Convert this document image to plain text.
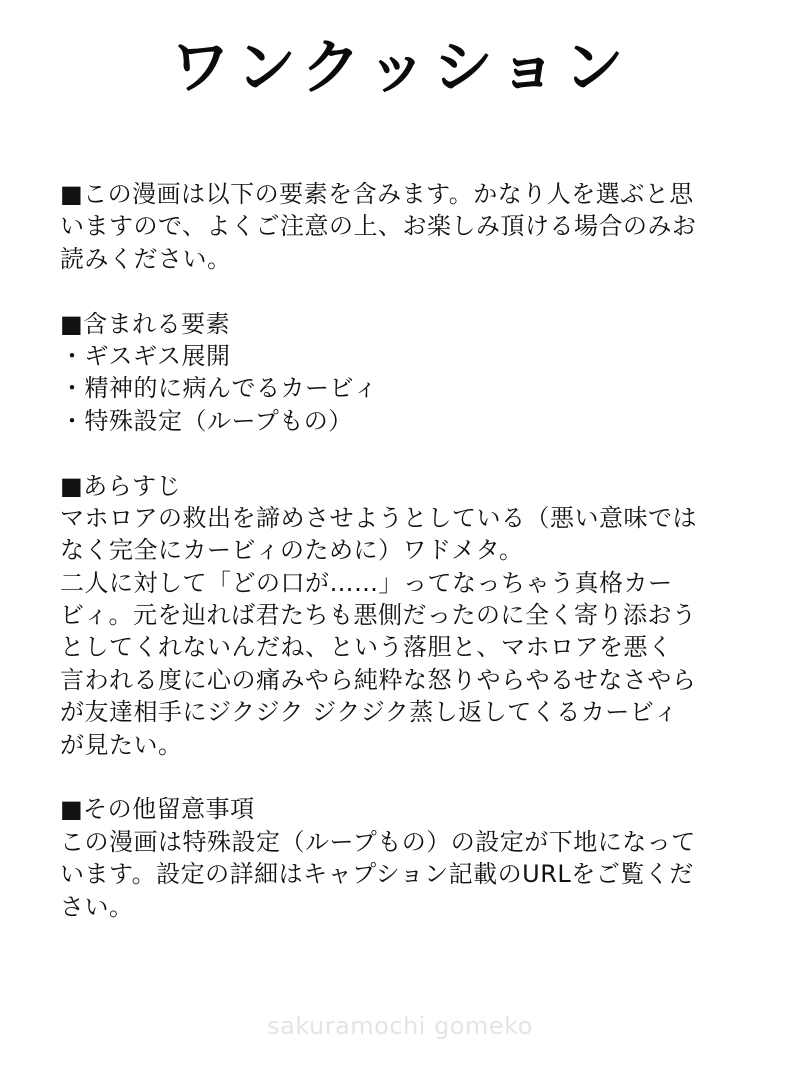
ワンクッション
■この漫画は以下の要素を含みます。かなり人を選ぶと思
いますので、よくご注意の上、お楽しみ頂ける場合のみお
読みください。
■含まれる要素
・ギスギス展開
・精神的に病んでるカービィ
・特殊設定（ループもの）
■あらすじ
マホロアの救出を諦めさせようとしている（悪い意味では
なく完全にカービィのために）ワドメタ。
二人に対して「どの口が……」ってなっちゃう真格カー
ビィ。元を辿れば君たちも悪側だったのに全く寄り添おう
としてくれないんだね、という落胆と、マホロアを悪く
言われる度に心の痛みやら純粋な怒りやらやるせなさやら
が友達相手にジクジク ジクジク蒸し返してくるカービィ
が見たい。
■その他留意事項
この漫画は特殊設定（ループもの）の設定が下地になって
います。設定の詳細はキャプション記載のURLをご覧くだ
さい。
sakuramochi gomeko
